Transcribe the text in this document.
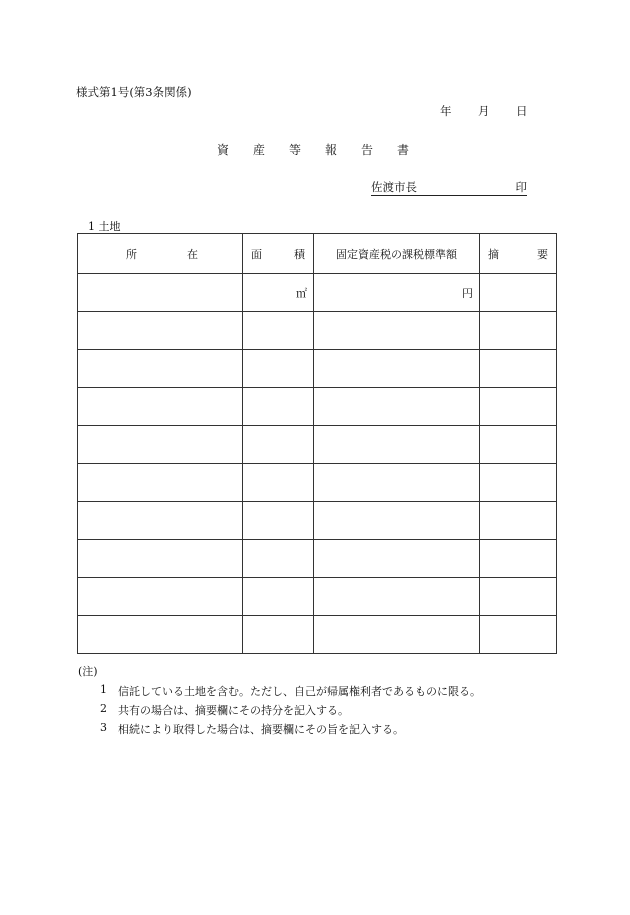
様式第1号(第3条関係)
年	月	日
資	産	等	報	告	書
佐渡市長	印
1 土地
所 在	面 積	固定資産税の課税標準額	摘 要

	㎡	円	

(注)
1	信託している土地を含む。ただし、自己が帰属権利者であるものに限る。
2	共有の場合は、摘要欄にその持分を記入する。
3	相続により取得した場合は、摘要欄にその旨を記入する。
